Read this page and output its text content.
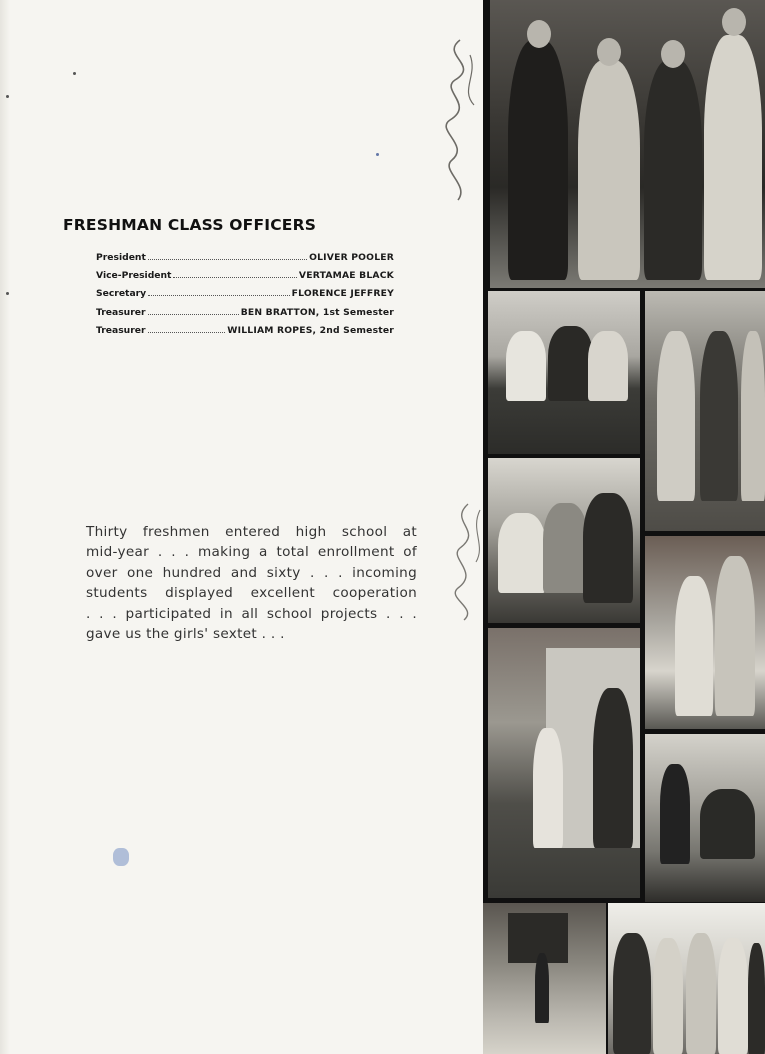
FRESHMAN CLASS OFFICERS
President	OLIVER POOLER
Vice-President	VERTAMAE BLACK
Secretary	FLORENCE JEFFREY
Treasurer	BEN BRATTON, 1st Semester
Treasurer	WILLIAM ROPES, 2nd Semester
Thirty freshmen entered high school at
mid-year . . . making a total enrollment of
over one hundred and sixty . . . incoming
students displayed excellent cooperation
. . . participated in all school projects . . .
gave us the girls' sextet . . .
